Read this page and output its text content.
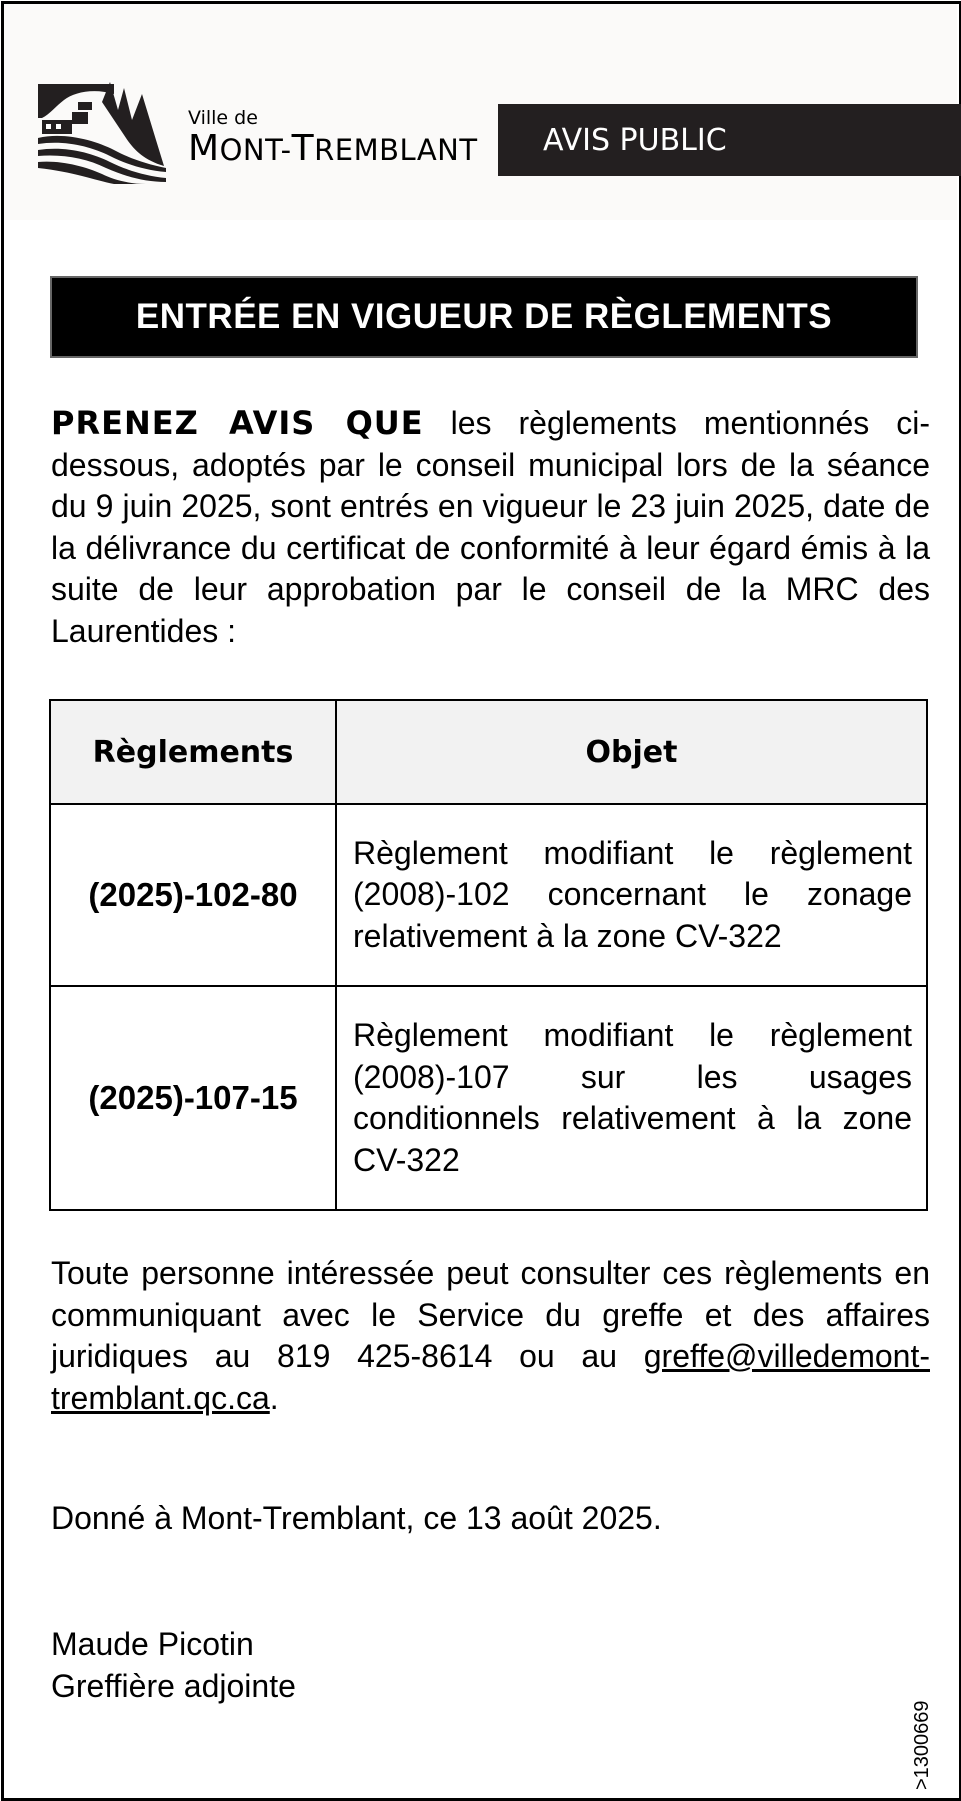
Ville de
MONT-TREMBLANT AVIS PUBLIC
ENTRÉE EN VIGUEUR DE RÈGLEMENTS
PRENEZ AVIS QUE les règlements mentionnés ci-dessous, adoptés par le conseil municipal lors de la séance du 9 juin 2025, sont entrés en vigueur le 23 juin 2025, date de la délivrance du certificat de conformité à leur égard émis à la suite de leur approbation par le conseil de la MRC des Laurentides :
Règlements	Objet
(2025)-102-80	Règlement modifiant le règlement (2008)-102 concernant le zonage relativement à la zone CV-322
(2025)-107-15	Règlement modifiant le règlement (2008)-107 sur les usages conditionnels relativement à la zone CV-322
Toute personne intéressée peut consulter ces règlements en communiquant avec le Service du greffe et des affaires juridiques au 819 425-8614 ou au greffe@villedemont-tremblant.qc.ca.
Donné à Mont-Tremblant, ce 13 août 2025.
Maude Picotin
Greffière adjointe
>1300669
